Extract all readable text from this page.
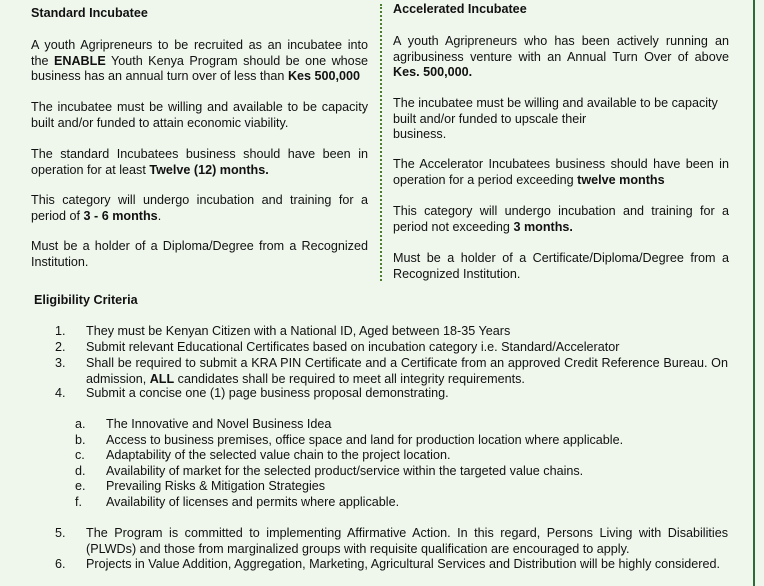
Standard Incubatee

A youth Agripreneurs to be recruited as an incubatee into the ENABLE Youth Kenya Program should be one whose business has an annual turn over of less than Kes 500,000

The incubatee must be willing and available to be capacity built and/or funded to attain economic viability.

The standard Incubatees business should have been in operation for at least Twelve (12) months.

This category will undergo incubation and training for a period of 3 - 6 months.

Must be a holder of a Diploma/Degree from a Recognized Institution.

Accelerated Incubatee

A youth Agripreneurs who has been actively running an agribusiness venture with an Annual Turn Over of above Kes. 500,000.

The incubatee must be willing and available to be capacity built and/or funded to upscale their
business.

The Accelerator Incubatees business should have been in operation for a period exceeding twelve months

This category will undergo incubation and training for a period not exceeding 3 months.

Must be a holder of a Certificate/Diploma/Degree from a Recognized Institution.

Eligibility Criteria
1. They must be Kenyan Citizen with a National ID, Aged between 18-35 Years
2. Submit relevant Educational Certificates based on incubation category i.e. Standard/Accelerator
3. Shall be required to submit a KRA PIN Certificate and a Certificate from an approved Credit Reference Bureau. On admission, ALL candidates shall be required to meet all integrity requirements.
4. Submit a concise one (1) page business proposal demonstrating.
a. The Innovative and Novel Business Idea
b. Access to business premises, office space and land for production location where applicable.
c. Adaptability of the selected value chain to the project location.
d. Availability of market for the selected product/service within the targeted value chains.
e. Prevailing Risks & Mitigation Strategies
f. Availability of licenses and permits where applicable.
5. The Program is committed to implementing Affirmative Action. In this regard, Persons Living with Disabilities (PLWDs) and those from marginalized groups with requisite qualification are encouraged to apply.
6. Projects in Value Addition, Aggregation, Marketing, Agricultural Services and Distribution will be highly considered.
